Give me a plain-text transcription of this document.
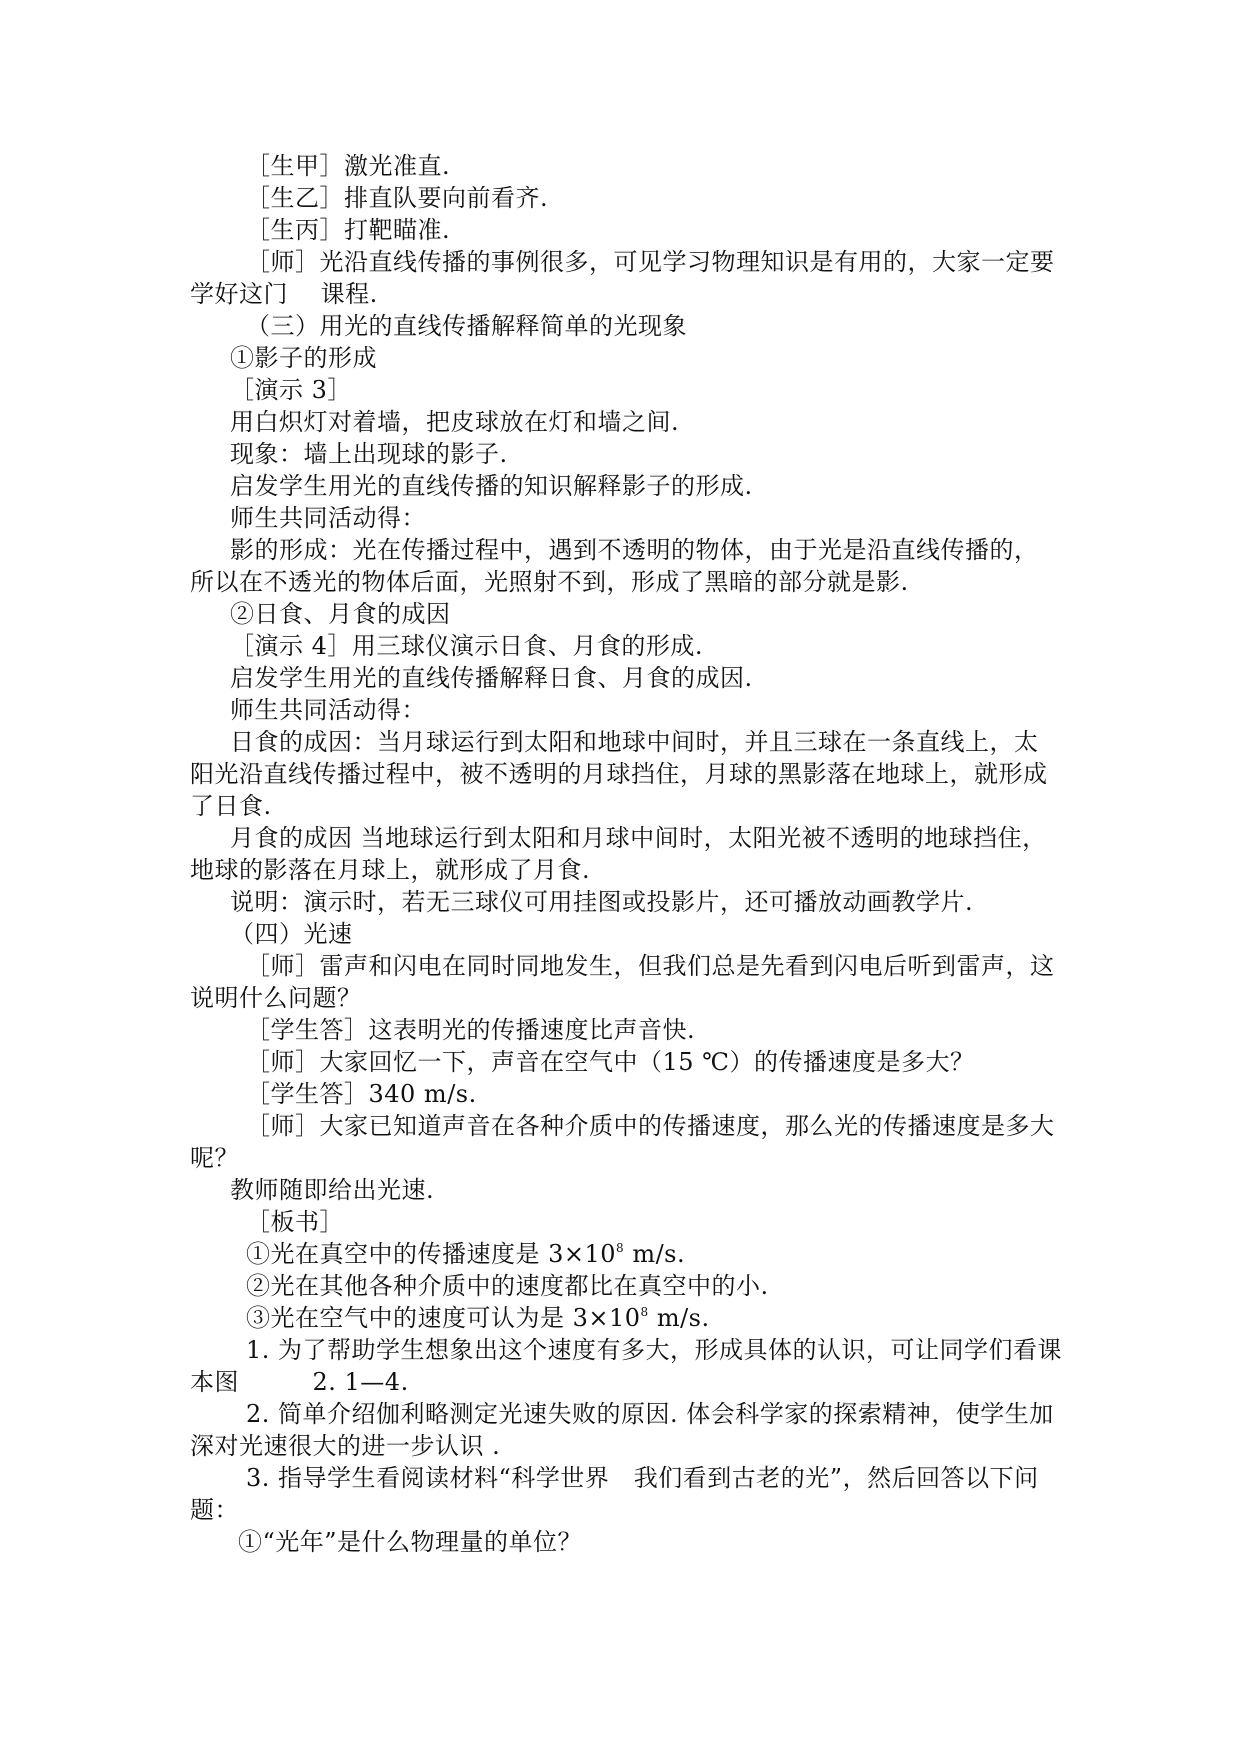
［生甲］激光准直.
［生乙］排直队要向前看齐.
［生丙］打靶瞄准.
［师］光沿直线传播的事例很多，可见学习物理知识是有用的，大家一定要
学好这门　 课程.
（三）用光的直线传播解释简单的光现象
①影子的形成
［演示 3］
用白炽灯对着墙，把皮球放在灯和墙之间.
现象：墙上出现球的影子.
启发学生用光的直线传播的知识解释影子的形成.
师生共同活动得：
影的形成：光在传播过程中，遇到不透明的物体，由于光是沿直线传播的，
所以在不透光的物体后面，光照射不到，形成了黑暗的部分就是影.
②日食、月食的成因
［演示 4］用三球仪演示日食、月食的形成.
启发学生用光的直线传播解释日食、月食的成因.
师生共同活动得：
日食的成因：当月球运行到太阳和地球中间时，并且三球在一条直线上，太
阳光沿直线传播过程中，被不透明的月球挡住，月球的黑影落在地球上，就形成
了日食.
月食的成因 当地球运行到太阳和月球中间时，太阳光被不透明的地球挡住，
地球的影落在月球上，就形成了月食.
说明：演示时，若无三球仪可用挂图或投影片，还可播放动画教学片.
（四）光速
［师］雷声和闪电在同时同地发生，但我们总是先看到闪电后听到雷声，这
说明什么问题？
［学生答］这表明光的传播速度比声音快.
［师］大家回忆一下，声音在空气中（15 ℃）的传播速度是多大？
［学生答］340 m/s.
［师］大家已知道声音在各种介质中的传播速度，那么光的传播速度是多大
呢？
教师随即给出光速.
［板书］
①光在真空中的传播速度是 $3\times 10^8$ m/s.
②光在其他各种介质中的速度都比在真空中的小.
③光在空气中的速度可认为是 $3\times 10^8$ m/s.
1. 为了帮助学生想象出这个速度有多大，形成具体的认识，可让同学们看课
本图　　　2. 1—4.
2. 简单介绍伽利略测定光速失败的原因. 体会科学家的探索精神，使学生加
深对光速很大的进一步认识 .
3. 指导学生看阅读材料“科学世界　我们看到古老的光”，然后回答以下问
题：
①“光年”是什么物理量的单位？
